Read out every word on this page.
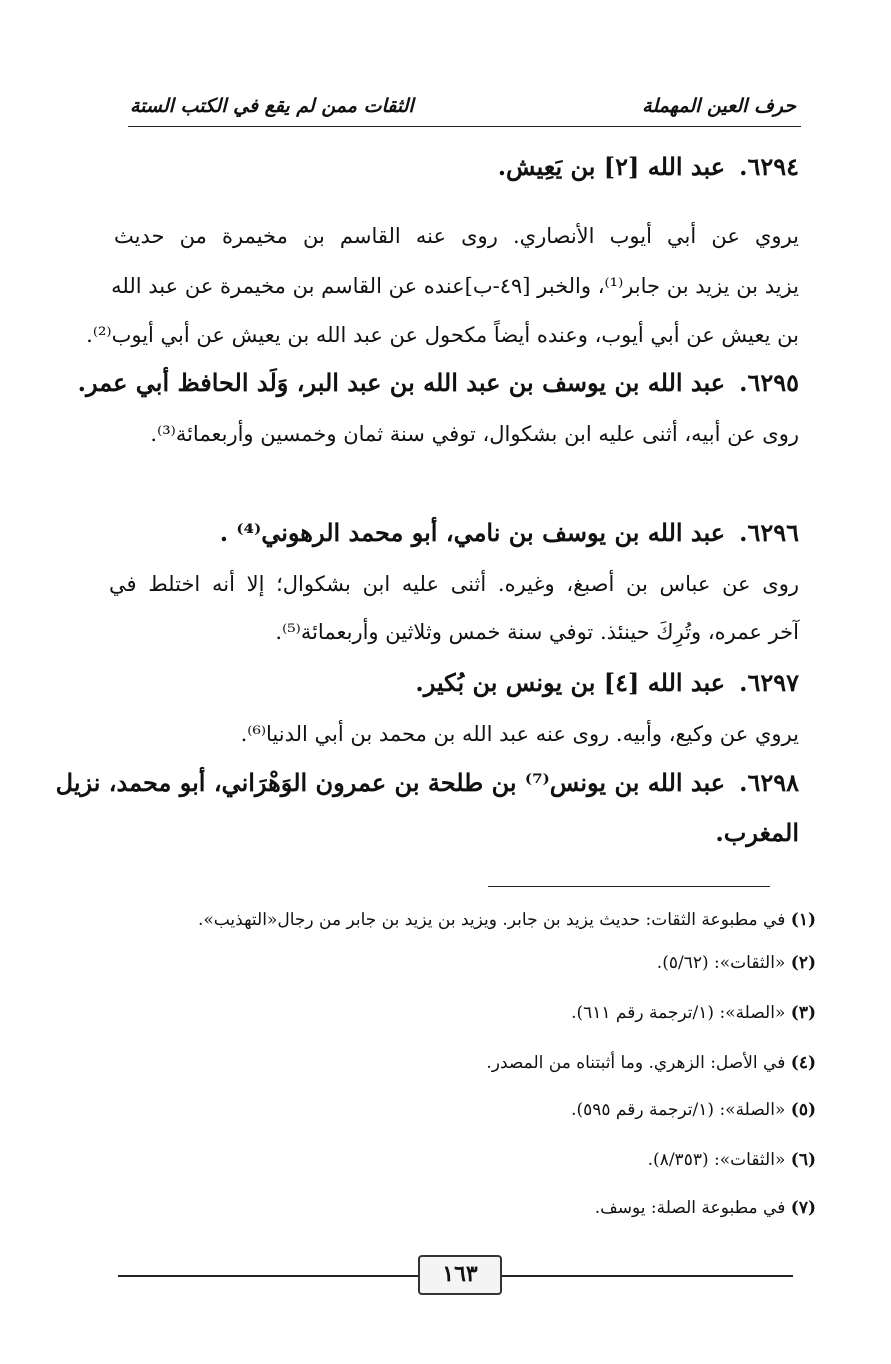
حرف العين المهملة
الثقات ممن لم يقع في الكتب الستة
٦٢٩٤.عبد الله [٢] بن يَعِيش.
يروي عن أبي أيوب الأنصاري. روى عنه القاسم بن مخيمرة من حديث
يزيد بن يزيد بن جابر⁽¹⁾، والخبر [٤٩-ب]عنده عن القاسم بن مخيمرة عن عبد الله
بن يعيش عن أبي أيوب، وعنده أيضاً مكحول عن عبد الله بن يعيش عن أبي أيوب⁽²⁾.
٦٢٩٥.عبد الله بن يوسف بن عبد الله بن عبد البر، وَلَد الحافظ أبي عمر.
روى عن أبيه، أثنى عليه ابن بشكوال، توفي سنة ثمان وخمسين وأربعمائة⁽³⁾.
٦٢٩٦.عبد الله بن يوسف بن نامي، أبو محمد الرهوني⁽⁴⁾ .
روى عن عباس بن أصبغ، وغيره. أثنى عليه ابن بشكوال؛ إلا أنه اختلط في
آخر عمره، وتُرِكَ حينئذ. توفي سنة خمس وثلاثين وأربعمائة⁽⁵⁾.
٦٢٩٧.عبد الله [٤] بن يونس بن بُكير.
يروي عن وكيع، وأبيه. روى عنه عبد الله بن محمد بن أبي الدنيا⁽⁶⁾.
٦٢٩٨.عبد الله بن يونس⁽⁷⁾ بن طلحة بن عمرون الوَهْرَاني، أبو محمد، نزيل
المغرب.
(١) في مطبوعة الثقات: حديث يزيد بن جابر. ويزيد بن يزيد بن جابر من رجال«التهذيب».
(٢) «الثقات»: (٥/٦٢).
(٣) «الصلة»: (١/ترجمة رقم ٦١١).
(٤) في الأصل: الزهري. وما أثبتناه من المصدر.
(٥) «الصلة»: (١/ترجمة رقم ٥٩٥).
(٦) «الثقات»: (٨/٣٥٣).
(٧) في مطبوعة الصلة: يوسف.
١٦٣
